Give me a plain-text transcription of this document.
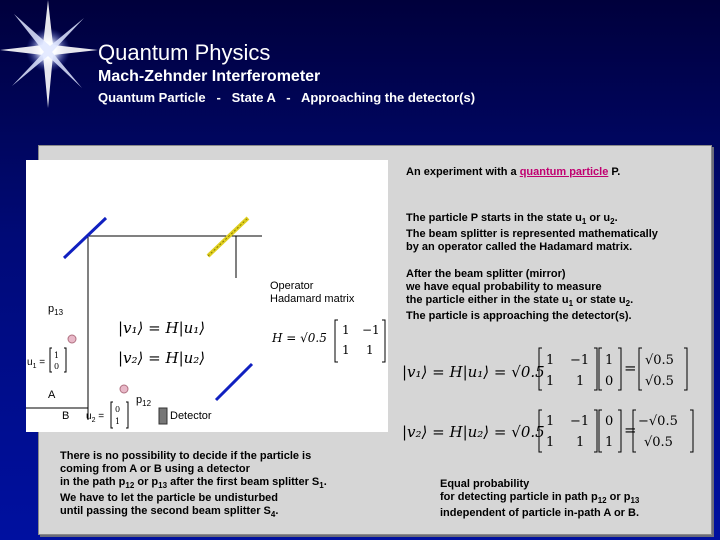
Quantum Physics
Mach-Zehnder Interferometer
Quantum Particle   -   State A   -   Approaching the detector(s)
An experiment with a quantum particle P.
The particle P starts in the state $u_1$ or $u_2$.
The beam splitter is represented mathematically
by an operator called the Hadamard matrix.
After the beam splitter (mirror)
we have equal probability to measure
the particle either in the state $u_1$ or state $u_2$.
The particle is approaching the detector(s).
|v₁⟩ = H|u₁⟩
|v₂⟩ = H|u₂⟩
H = √0.5
1 −1
1 1
1
0
0
1
Operator
Hadamard matrix
$p_{13}$
$p_{12}$
A
B
$u_1$ =
$u_2$ =	Detector
|v₁⟩ = H|u₁⟩ = √0.5
1 −1
1 1
1
0
= √0.5
√0.5
|v₂⟩ = H|u₂⟩ = √0.5
1 −1
1 1
0
1
= −√0.5
√0.5
There is no possibility to decide if the particle is
coming from A or B using a detector
in the path $p_{12}$ or $p_{13}$ after the first beam splitter $S_1$.
We have to let the particle be undisturbed
until passing the second beam splitter $S_4$.
Equal probability
for detecting particle in path $p_{12}$ or $p_{13}$
independent of particle in-path A or B.
